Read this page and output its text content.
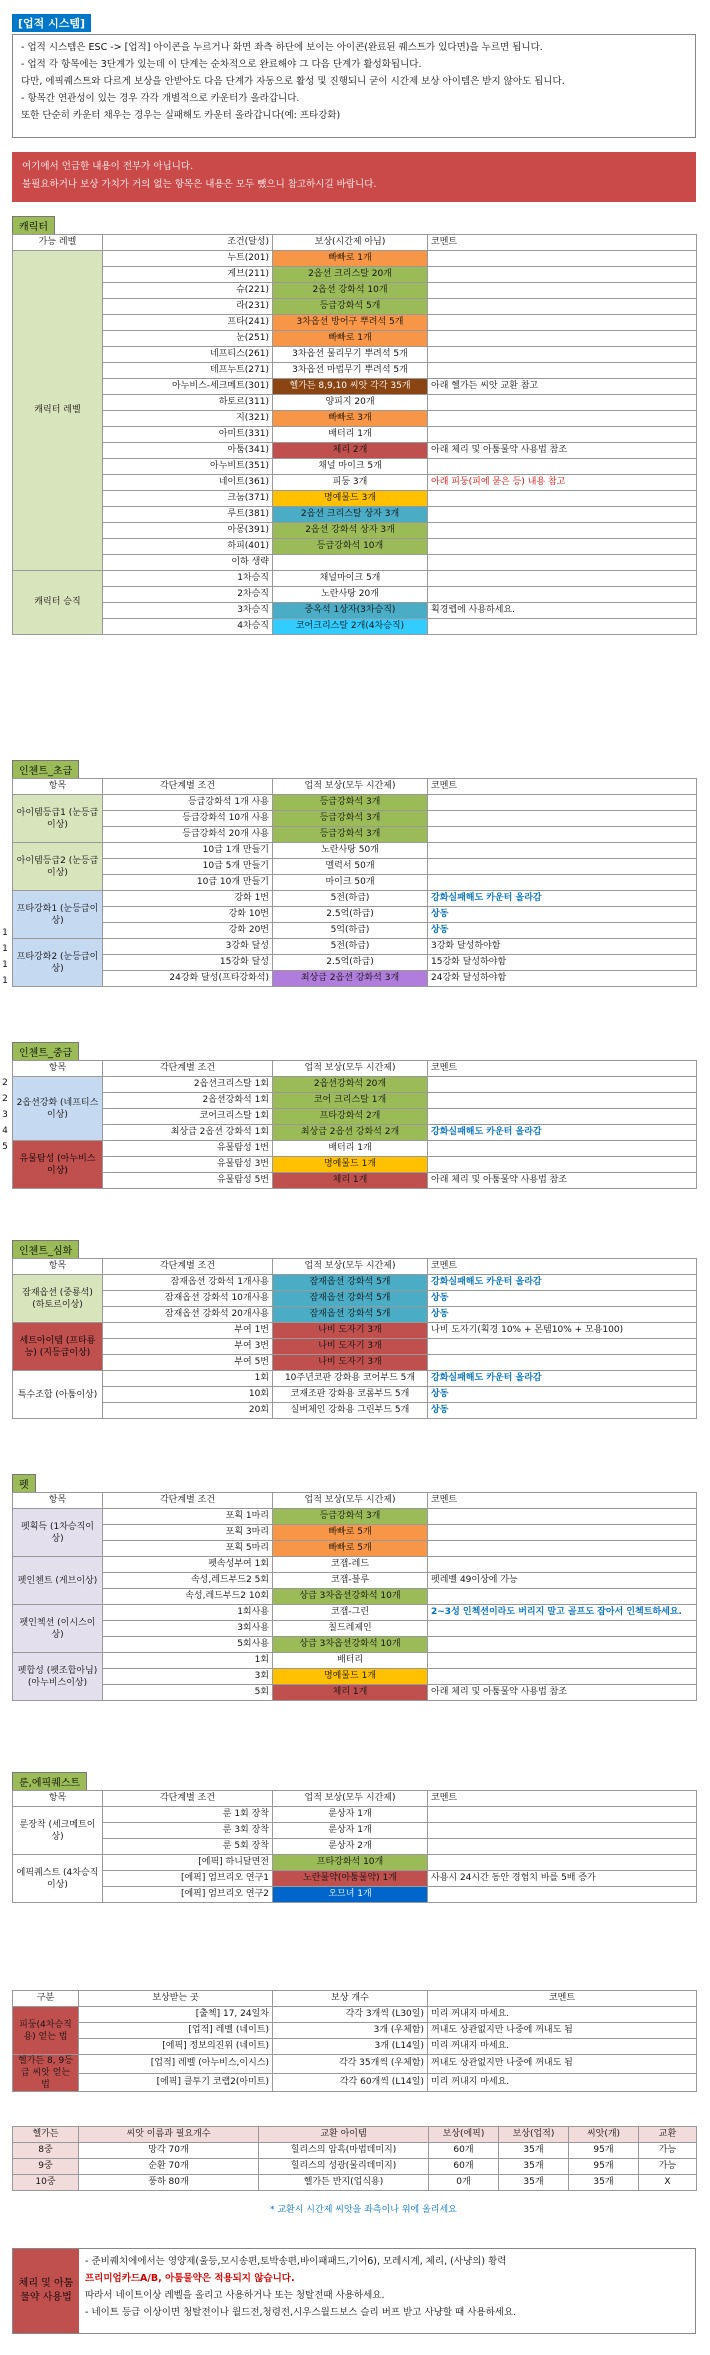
[업적 시스템]
- 업적 시스템은 ESC -> [업적] 아이콘을 누르거나 화면 좌측 하단에 보이는 아이콘(완료된 퀘스트가 있다면)을 누르면 됩니다.
- 업적 각 항목에는 3단계가 있는데 이 단계는 순차적으로 완료해야 그 다음 단계가 활성화됩니다.
다만, 에픽퀘스트와 다르게 보상을 안받아도 다음 단계가 자동으로 활성 및 진행되니 굳이 시간제 보상 아이템은 받지 않아도 됩니다.
- 항목간 연관성이 있는 경우 각각 개별적으로 카운터가 올라갑니다.
또한 단순히 카운터 채우는 경우는 실패해도 카운터 올라갑니다(예: 프타강화)
여기에서 언급한 내용이 전부가 아닙니다.
불필요하거나 보상 가치가 거의 없는 항목은 내용은 모두 뺐으니 참고하시길 바랍니다.
캐릭터
가능 레벨	조건(달성)	보상(시간제 아님)	코멘트
캐릭터 레벨	누트(201)	빠빠로 1개	
	게브(211)	2옵션 크리스탈 20개	
	슈(221)	2옵션 강화석 10개	
	라(231)	등급강화석 5개	
	프타(241)	3차옵션 방어구 뿌려석 5개	
	눈(251)	빠빠로 1개	
	네프티스(261)	3차옵션 물리무기 뿌려석 5개	
	테프누트(271)	3차옵션 마법무기 뿌려석 5개	
	아누비스-세크메트(301)	헬가든 8,9,10 씨앗 각각 35개	아래 헬가든 씨앗 교환 참고
	하토르(311)	양피지 20개	
	지(321)	빠빠로 3개	
	아미트(331)	배터리 1개	
	아툼(341)	체리 2개	아래 체리 및 아툼물약 사용법 참조
	아누비트(351)	채널 마이크 5개	
	네이트(361)	피둥 3개	아래 피둥(피에 묻은 등) 내용 참고
	크눔(371)	명예물드 3개	
	루트(381)	2옵션 크리스탈 상자 3개	
	아몽(391)	2옵션 강화석 상자 3개	
	하피(401)	등급강화석 10개	
	이하 생략		
캐릭터 승직	1차승직	채널마이크 5개	
	2차승직	노란사탕 20개	
	3차승직	중옥석 1상자(3차승직)	획경렙에 사용하세요.
	4차승직	코어크리스탈 2개(4차승직)	
인첸트_초급
항목	각단계별 조건	업적 보상(모두 시간제)	코멘트
아이템등급1 (눈등급이상)	등급강화석 1개 사용	등급강화석 3개	
	등급강화석 10개 사용	등급강화석 3개	
	등급강화석 20개 사용	등급강화석 3개	
아이템등급2 (눈등급이상)	10급 1개 만들기	노란사탕 50개	
	10급 5개 만들기	멜럭서 50개	
	10급 10개 만들기	마이크 50개	
프타강화1 (눈등급이상)	강화 1번	5전(하급)	강화실패해도 카운터 올라감
	강화 10번	2.5억(하급)	상동
	강화 20번	5억(하급)	상동
프타강화2 (눈등급이상)	3강화 달성	5전(하급)	3강화 달성하야함
	15강화 달성	2.5억(하급)	15강화 달성하야함
	24강화 달성(프타강화석)	최상급 2옵션 강화석 3개	24강화 달성하야함
인첸트_중급
항목	각단계별 조건	업적 보상(모두 시간제)	코멘트
2옵션강화 (네프티스이상)	2옵션크리스탈 1회	2옵션강화석 20개	
	2옵션강화석 1회	코어 크리스탈 1개	
	코어크리스탈 1회	프타강화석 2개	
	최상급 2옵션 강화석 1회	최상급 2옵션 강화석 2개	강화실패해도 카운터 올라감
유물탐성 (아누비스이상)	유물탐성 1번	배터리 1개	
	유물탐성 3번	명예물드 1개	
	유물탐성 5번	체리 1개	아래 체리 및 아툼물약 사용법 참조
인첸트_심화
항목	각단계별 조건	업적 보상(모두 시간제)	코멘트
잠재옵션 (중룡석) (하토르이상)	잠재옵션 강화석 1개사용	잠재옵션 강화석 5개	강화실패해도 카운터 올라감
	잠재옵션 강화석 10개사용	잠재옵션 강화석 5개	상동
	잠재옵션 강화석 20개사용	잠재옵션 강화석 5개	상동
세트아이템 (프타룡능) (지등급이상)	부여 1번	나비 도자기 3개	나비 도자기(획경 10% + 몬템10% + 모용100)
	부여 3번	나비 도자기 3개	
	부여 5번	나비 도자기 3개	
특수조합 (아툼이상)	1회	10주년코판 강화용 코어부드 5개	강화실패해도 카운터 올라감
	10회	코재조판 강화용 코롬부드 5개	상동
	20회	실버체인 강화용 그린부드 5개	상동
펫
항목	각단계별 조건	업적 보상(모두 시간제)	코멘트
펫획득 (1차승직이상)	포획 1마리	등급강화석 3개	
	포획 3마리	빠빠로 5개	
	포획 5마리	빠빠로 5개	
펫인첸트 (게브이상)	펫속성부여 1회	코잽-레드	
	속성,레드부드2 5회	코잽-블루	펫레벨 49이상에 가능
	속성,레드부드2 10회	상급 3차옵션강화석 10개	
펫인첵션 (이시스이상)	1회사용	코잽-그린	2~3성 인첵션이라도 버리지 말고 골프도 잡아서 인첵트하세요.
	3회사용	칠드레제인	
	5회사용	상급 3차옵션강화석 10개	
펫합성 (펫조합아님) (아누비스이상)	1회	배터리	
	3회	명예물드 1개	
	5회	체리 1개	아래 체리 및 아툼물약 사용법 참조
룬,에픽퀘스트
항목	각단계별 조건	업적 보상(모두 시간제)	코멘트
룬장착 (세크메트이상)	룬 1회 장착	룬상자 1개	
	룬 3회 장착	룬상자 1개	
	룬 5회 장착	룬상자 2개	
에픽퀘스트 (4차승직이상)	[에픽] 하니달면전	프타강화석 10개	
	[에픽] 엄브리오 연구1	노란물약(아툼물약) 1개	사용시 24시간 동안 경험치 바를 5배 증가
	[에픽] 엄브리오 연구2	오므녀 1개	
구분	보상받는 곳	보상 개수	코멘트
피둥(4차승직용) 얻는 법	[출첵] 17, 24일차	각각 3개씩 (L30일)	미리 꺼내지 마세요.
	[업적] 레벨 (네이트)	3개 (우체함)	꺼내도 상관없지만 나중에 꺼내도 됨
	[에픽] 정보의진위 (네이트)	3개 (L14일)	미리 꺼내지 마세요.
헬가든 8, 9등급 씨앗 얻는 법	[업적] 레벨 (아누비스,이시스)	각각 35개씩 (우체함)	꺼내도 상관없지만 나중에 꺼내도 됨
	[에픽] 클투기 코랩2(아미트)	각각 60개씩 (L14일)	미리 꺼내지 마세요.
헬가든	씨앗 이름과 필요개수	교환 아이템	보상(에픽)	보상(업적)	씨앗(개)	교환
8중	망각 70개	힐리스의 암흑(마법데미지)	60개	35개	95개	가능
9중	순환 70개	힐리스의 성광(물리데미지)	60개	35개	95개	가능
10중	풍하 80개	헬가든 반지(업식용)	0개	35개	35개	X
* 교환시 시간제 씨앗을 좌측이나 위에 올리세요
체리 및 아툼 물약 사용법
- 준비퀘치에에서는 영양제(울등,모시송편,토박송편,바이패패드,기어6), 모레시계, 체리, (사냥의) 황력
프리미엄카드A/B, 아툼물약은 적용되지 않습니다.
따라서 네이트이상 레벨을 올리고 사용하거나 또는 청탈전때 사용하세요.
- 네이트 등급 이상이면 청탈전이나 월드전,청령전,시우스월드보스 슬리 버프 받고 사냥할 때 사용하세요.
1
1
1
1
2
2
3
4
5
